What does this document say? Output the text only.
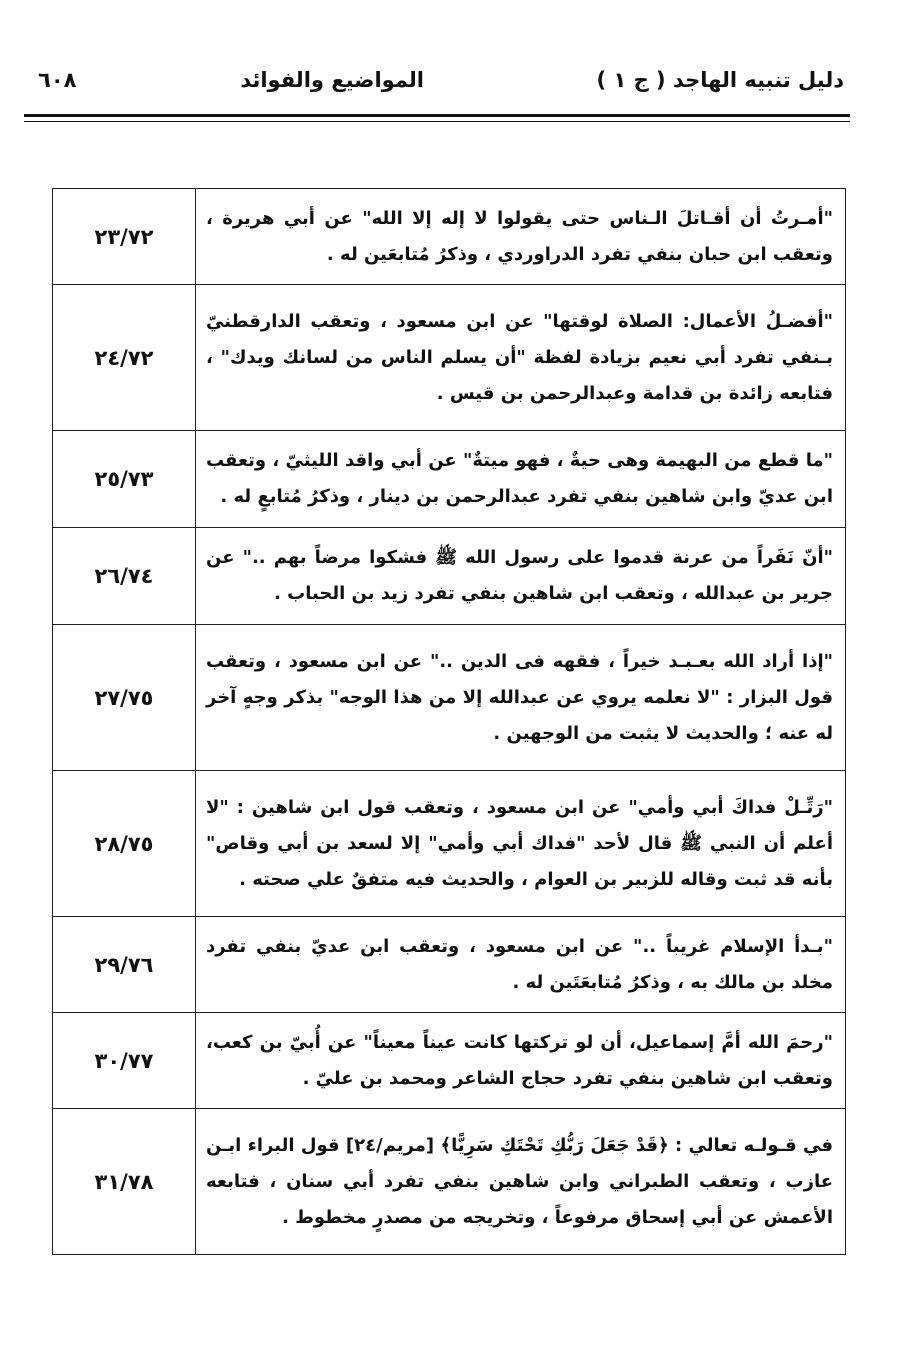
دليل تنبيه الهاجد ( ج ١ )
المواضيع والفوائد
٦٠٨
"أمـرتُ أن أقـاتلَ الـناس حتى يقولوا لا إله إلا الله" عن أبي هريرة ، وتعقب ابن حبان بنفي تفرد الدراوردي ، وذكرُ مُتابعَين له .	٢٣/٧٢
"أفضـلُ الأعمال: الصلاة لوقتها" عن ابن مسعود ، وتعقب الدارقطنيّ بـنفي تفرد أبي نعيم بزيادة لفظة "أن يسلم الناس من لسانك ويدك" ، فتابعه زائدة بن قدامة وعبدالرحمن بن قيس .	٢٤/٧٢
"ما قطع من البهيمة وهى حيةٌ ، فهو ميتةٌ" عن أبي واقد الليثيّ ، وتعقب ابن عديّ وابن شاهين بنفي تفرد عبدالرحمن بن دينار ، وذكرُ مُتابعٍ له .	٢٥/٧٣
"أنّ نَفَراً من عرنة قدموا على رسول الله ﷺ فشكوا مرضاً بهم .." عن جرير بن عبدالله ، وتعقب ابن شاهين بنفي تفرد زيد بن الحباب .	٢٦/٧٤
"إذا أراد الله بعـبـد خيراً ، فقهه فى الدين .." عن ابن مسعود ، وتعقب قول البزار : "لا نعلمه يروي عن عبدالله إلا من هذا الوجه" بذكر وجهٍ آخر له عنه ؛ والحديث لا يثبت من الوجهين .	٢٧/٧٥
"رَتِّـلْ فداكَ أبي وأمي" عن ابن مسعود ، وتعقب قول ابن شاهين : "لا أعلم أن النبي ﷺ قال لأحد "فداك أبي وأمي" إلا لسعد بن أبي وقاص" بأنه قد ثبت وقاله للزبير بن العوام ، والحديث فيه متفقٌ علي صحته .	٢٨/٧٥
"بـدأ الإسلام غريباً .." عن ابن مسعود ، وتعقب ابن عديّ بنفي تفرد مخلد بن مالك به ، وذكرُ مُتابعَتَين له .	٢٩/٧٦
"رحمَ الله أمَّ إسماعيل، أن لو تركتها كانت عيناً معيناً" عن أُبيّ بن كعب، وتعقب ابن شاهين بنفي تفرد حجاج الشاعر ومحمد بن عليّ .	٣٠/٧٧
في قـولـه تعالي : ﴿قَدْ جَعَلَ رَبُّكِ تَحْتَكِ سَرِيًّا﴾ [مريم/٢٤] قول البراء ابـن عازب ، وتعقب الطبراني وابن شاهين بنفي تفرد أبي سنان ، فتابعه الأعمش عن أبي إسحاق مرفوعاً ، وتخريجه من مصدرٍ مخطوط .	٣١/٧٨
